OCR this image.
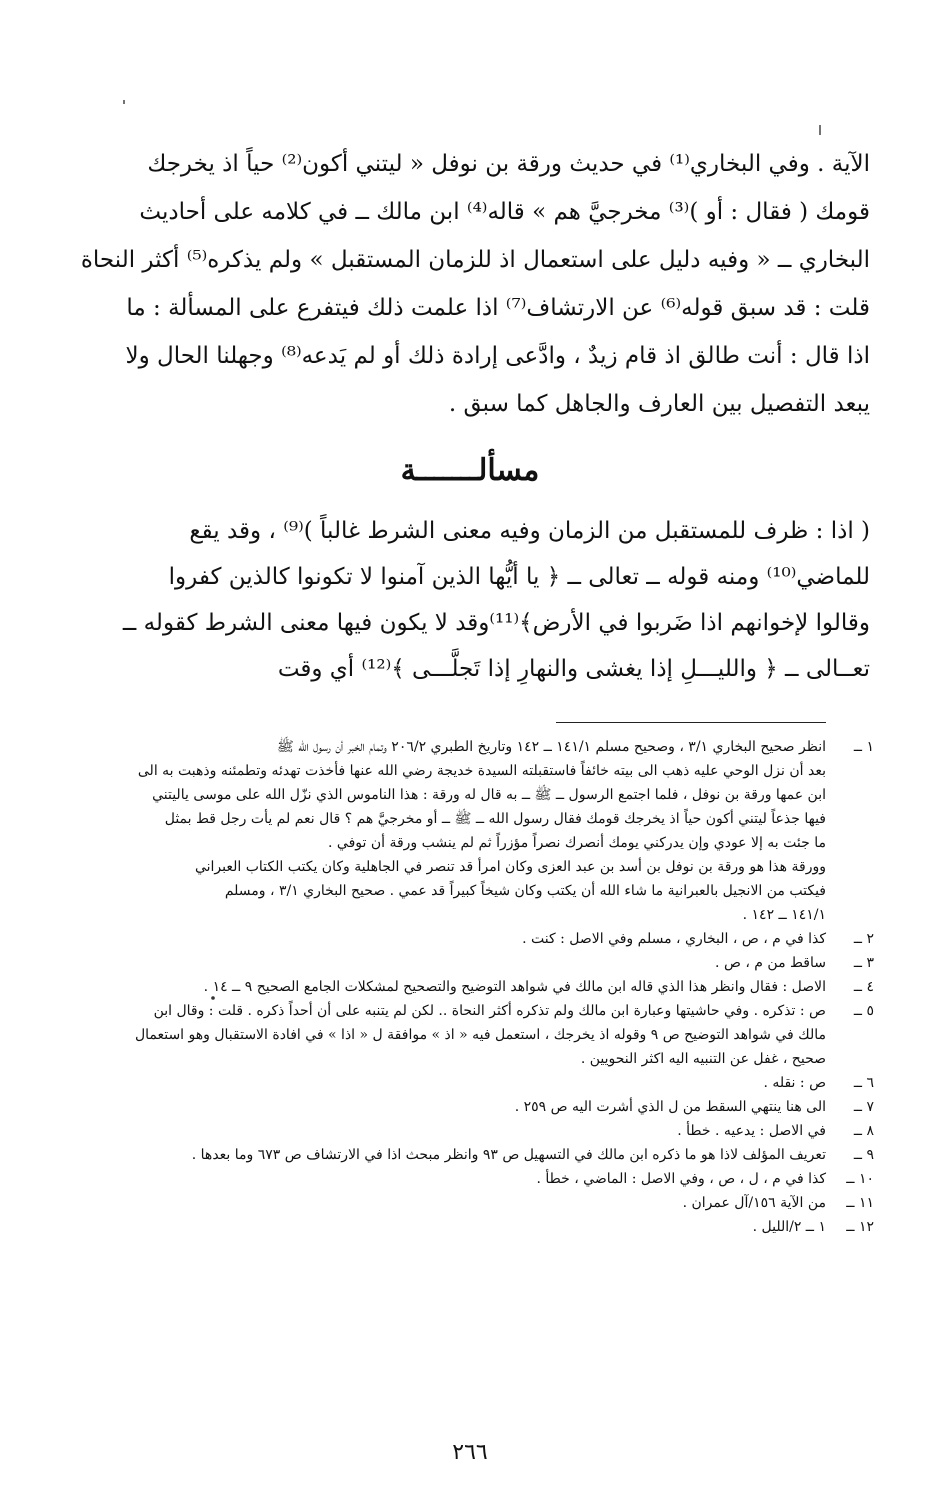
الآية . وفي البخاري⁽¹⁾ في حديث ورقة بن نوفل « ليتني أكون⁽²⁾ حياً اذ يخرجك

قومك ( فقال : أو )⁽³⁾ مخرجيَّ هم » قاله⁽⁴⁾ ابن مالك ــ في كلامه على أحاديث

البخاري ــ « وفيه دليل على استعمال اذ للزمان المستقبل » ولم يذكره⁽⁵⁾ أكثر النحاة

قلت : قد سبق قوله⁽⁶⁾ عن الارتشاف⁽⁷⁾ اذا علمت ذلك فيتفرع على المسألة : ما

اذا قال : أنت طالق اذ قام زيدٌ ، وادَّعى إرادة ذلك أو لم يَدعه⁽⁸⁾ وجهلنا الحال ولا

يبعد التفصيل بين العارف والجاهل كما سبق .

مسألـــــــة

( اذا : ظرف للمستقبل من الزمان وفيه معنى الشرط غالباً )⁽⁹⁾ ، وقد يقع

للماضي⁽¹⁰⁾ ومنه قوله ــ تعالى ــ ﴿ يا أيُّها الذين آمنوا لا تكونوا كالذين كفروا

وقالوا لإخوانهم اذا ضَربوا في الأرض﴾⁽¹¹⁾وقد لا يكون فيها معنى الشرط كقوله ــ

تعــالى ــ ﴿ والليـــلِ إذا يغشى والنهارِ إذا تَجلَّـــى ﴾⁽¹²⁾ أي وقت

١ ــ
انظر صحيح البخاري ٣/١ ، وصحيح مسلم ١٤١/١ ــ ١٤٢ وتاريخ الطبري ٢٠٦/٢ وتمام الخبر أن رسول الله ﷺ
بعد أن نزل الوحي عليه ذهب الى بيته خائفاً فاستقبلته السيدة خديجة رضي الله عنها فأخذت تهدئه وتطمئنه وذهبت به الى
ابن عمها ورقة بن نوفل ، فلما اجتمع الرسول ــ ﷺ ــ به قال له ورقة : هذا الناموس الذي نزّل الله على موسى ياليتني
فيها جذعاً ليتني أكون حياً اذ يخرجك قومك فقال رسول الله ــ ﷺ ــ أو مخرجيَّ هم ؟ قال نعم لم يأت رجل قط بمثل
ما جئت به إلا عودي وإن يدركني يومك أنصرك نصراً مؤزراً ثم لم ينشب ورقة أن توفي .
وورقة هذا هو ورقة بن نوفل بن أسد بن عبد العزى وكان امرأ قد تنصر في الجاهلية وكان يكتب الكتاب العبراني
فيكتب من الانجيل بالعبرانية ما شاء الله أن يكتب وكان شيخاً كبيراً قد عمي . صحيح البخاري ٣/١ ، ومسلم
١٤١/١ ــ ١٤٢ .
٢ ــ
كذا في م ، ص ، البخاري ، مسلم وفي الاصل : كنت .
٣ ــ
ساقط من م ، ص .
٤ ــ
الاصل : فقال وانظر هذا الذي قاله ابن مالك في شواهد التوضيح والتصحيح لمشكلات الجامع الصحيح ٩ ــ ١٤ .
٥ ــ
ص : تذكره . وفي حاشيتها وعبارة ابن مالك ولم تذكره أكثر النحاة .. لكن لم يتنبه على أن أحداً ذكره . قلت : وقال ابن
مالك في شواهد التوضيح ص ٩ وقوله اذ يخرجك ، استعمل فيه « اذ » موافقة ل « اذا » في افادة الاستقبال وهو استعمال
صحيح ، غفل عن التنبيه اليه اكثر النحويين .
٦ ــ
ص : نقله .
٧ ــ
الى هنا ينتهي السقط من ل الذي أشرت اليه ص ٢٥٩ .
٨ ــ
في الاصل : يدعيه . خطأ .
٩ ــ
تعريف المؤلف لاذا هو ما ذكره ابن مالك في التسهيل ص ٩٣ وانظر مبحث اذا في الارتشاف ص ٦٧٣ وما بعدها .
١٠ ــ
كذا في م ، ل ، ص ، وفي الاصل : الماضي ، خطأ .
١١ ــ
من الآية ١٥٦/آل عمران .
١٢ ــ
١ ــ ٢/الليل .
٢٦٦
